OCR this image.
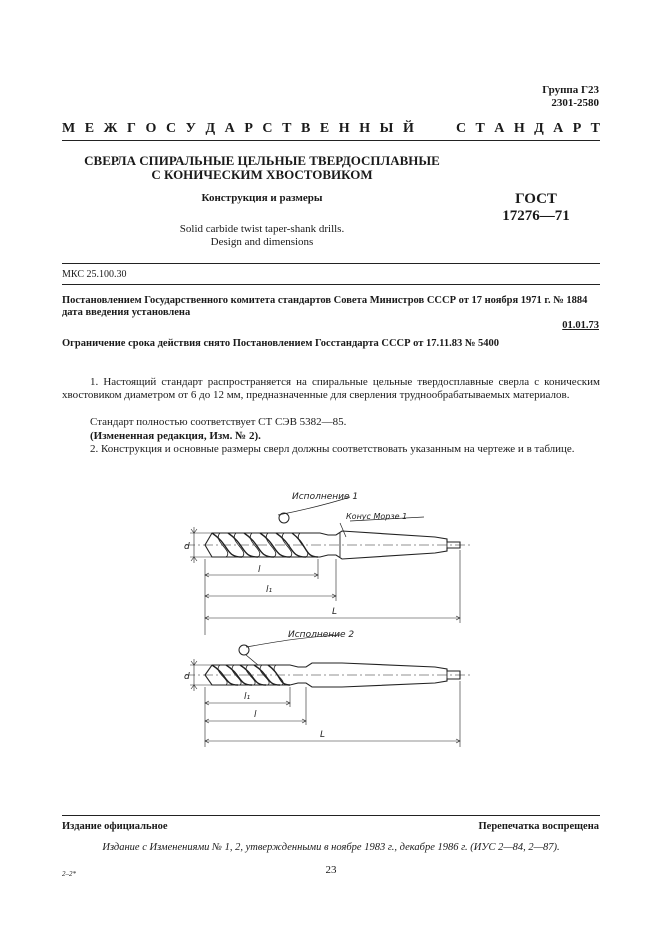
Группа Г23
2301-2580
М Е Ж Г О С У Д А Р С Т В Е Н Н Ы Й	С Т А Н Д А Р Т
СВЕРЛА СПИРАЛЬНЫЕ ЦЕЛЬНЫЕ ТВЕРДОСПЛАВНЫЕ
С КОНИЧЕСКИМ ХВОСТОВИКОМ
Конструкция и размеры
Solid carbide twist taper-shank drills.
Design and dimensions
ГОСТ
17276—71
МКС 25.100.30
Постановлением Государственного комитета стандартов Совета Министров СССР от 17 ноября 1971 г. № 1884 дата введения установлена
01.01.73
Ограничение срока действия снято Постановлением Госстандарта СССР от 17.11.83 № 5400
1. Настоящий стандарт распространяется на спиральные цельные твердосплавные сверла с коническим хвостовиком диаметром от 6 до 12 мм, предназначенные для сверления труднообрабатываемых материалов.
Стандарт полностью соответствует СТ СЭВ 5382—85.
(Измененная редакция, Изм. № 2).
2. Конструкция и основные размеры сверл должны соответствовать указанным на чертеже и в таблице.
Исполнение 1
Конус Морзе 1
d
l
l₁
L
Исполнение 2
d
l₁
l
L
Издание официальное	Перепечатка воспрещена
Издание с Изменениями № 1, 2, утвержденными в ноябре 1983 г., декабре 1986 г. (ИУС 2—84, 2—87).
2–2*	23
